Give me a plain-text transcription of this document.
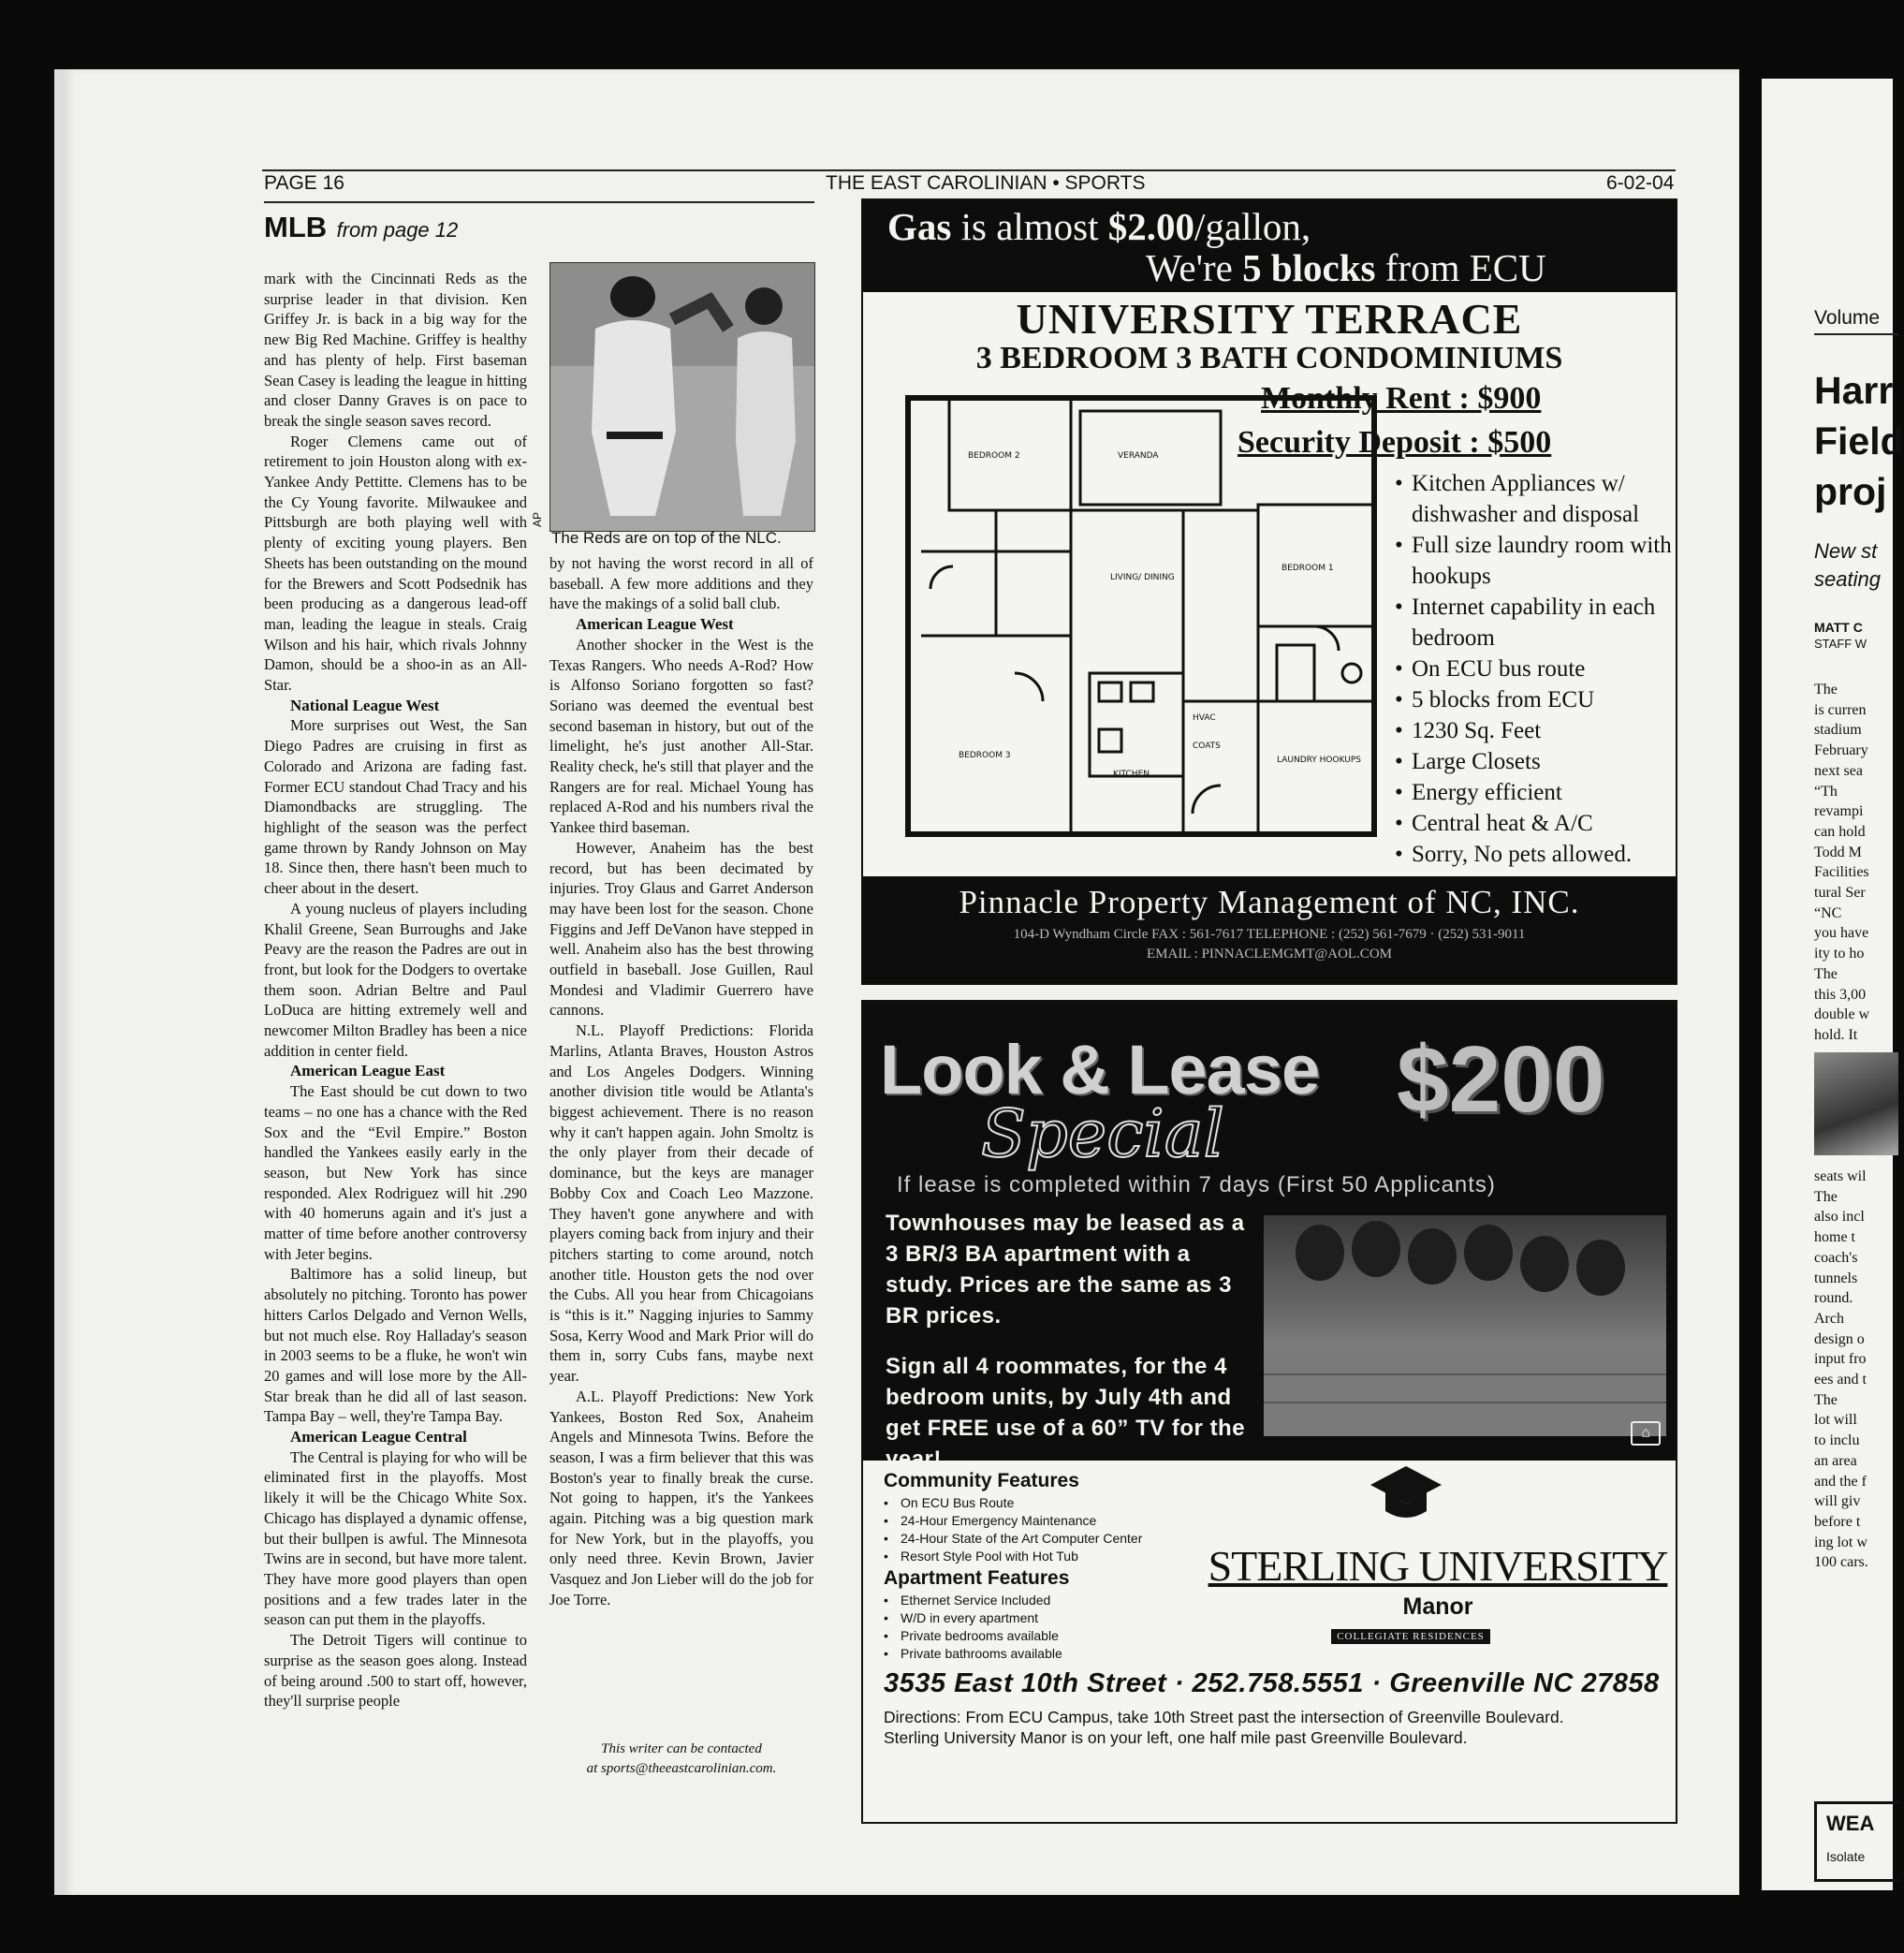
PAGE 16	THE EAST CAROLINIAN • SPORTS	6-02-04
MLB from page 12

mark with the Cincinnati Reds as the surprise leader in that division. Ken Griffey Jr. is back in a big way for the new Big Red Machine. Griffey is healthy and has plenty of help. First baseman Sean Casey is leading the league in hitting and closer Danny Graves is on pace to break the single season saves record.

Roger Clemens came out of retirement to join Houston along with ex-Yankee Andy Pettitte. Clemens has to be the Cy Young favorite. Milwaukee and Pittsburgh are both playing well with plenty of exciting young players. Ben Sheets has been outstanding on the mound for the Brewers and Scott Podsednik has been producing as a dangerous lead-off man, leading the league in steals. Craig Wilson and his hair, which rivals Johnny Damon, should be a shoo-in as an All-Star.

National League West

More surprises out West, the San Diego Padres are cruising in first as Colorado and Arizona are fading fast. Former ECU standout Chad Tracy and his Diamondbacks are struggling. The highlight of the season was the perfect game thrown by Randy Johnson on May 18. Since then, there hasn't been much to cheer about in the desert.

A young nucleus of players including Khalil Greene, Sean Burroughs and Jake Peavy are the reason the Padres are out in front, but look for the Dodgers to overtake them soon. Adrian Beltre and Paul LoDuca are hitting extremely well and newcomer Milton Bradley has been a nice addition in center field.

American League East

The East should be cut down to two teams – no one has a chance with the Red Sox and the “Evil Empire.” Boston handled the Yankees easily early in the season, but New York has since responded. Alex Rodriguez will hit .290 with 40 homeruns again and it's just a matter of time before another controversy with Jeter begins.

Baltimore has a solid lineup, but absolutely no pitching. Toronto has power hitters Carlos Delgado and Vernon Wells, but not much else. Roy Halladay's season in 2003 seems to be a fluke, he won't win 20 games and will lose more by the All-Star break than he did all of last season. Tampa Bay – well, they're Tampa Bay.

American League Central

The Central is playing for who will be eliminated first in the playoffs. Most likely it will be the Chicago White Sox. Chicago has displayed a dynamic offense, but their bullpen is awful. The Minnesota Twins are in second, but have more talent. They have more good players than open positions and a few trades later in the season can put them in the playoffs.

The Detroit Tigers will continue to surprise as the season goes along. Instead of being around .500 to start off, however, they'll surprise people

AP
The Reds are on top of the NLC.

by not having the worst record in all of baseball. A few more additions and they have the makings of a solid ball club.

American League West

Another shocker in the West is the Texas Rangers. Who needs A-Rod? How is Alfonso Soriano forgotten so fast? Soriano was deemed the eventual best second baseman in history, but out of the limelight, he's just another All-Star. Reality check, he's still that player and the Rangers are for real. Michael Young has replaced A-Rod and his numbers rival the Yankee third baseman.

However, Anaheim has the best record, but has been decimated by injuries. Troy Glaus and Garret Anderson may have been lost for the season. Chone Figgins and Jeff DeVanon have stepped in well. Anaheim also has the best throwing outfield in baseball. Jose Guillen, Raul Mondesi and Vladimir Guerrero have cannons.

N.L. Playoff Predictions: Florida Marlins, Atlanta Braves, Houston Astros and Los Angeles Dodgers. Winning another division title would be Atlanta's biggest achievement. There is no reason why it can't happen again. John Smoltz is the only player from their decade of dominance, but the keys are manager Bobby Cox and Coach Leo Mazzone. They haven't gone anywhere and with players coming back from injury and their pitchers starting to come around, notch another title. Houston gets the nod over the Cubs. All you hear from Chicagoians is “this is it.” Nagging injuries to Sammy Sosa, Kerry Wood and Mark Prior will do them in, sorry Cubs fans, maybe next year.

A.L. Playoff Predictions: New York Yankees, Boston Red Sox, Anaheim Angels and Minnesota Twins. Before the season, I was a firm believer that this was Boston's year to finally break the curse. Not going to happen, it's the Yankees again. Pitching was a big question mark for New York, but in the playoffs, you only need three. Kevin Brown, Javier Vasquez and Jon Lieber will do the job for Joe Torre.

This writer can be contacted
at sports@theeastcarolinian.com.
Gas is almost $2.00/gallon,
We're 5 blocks from ECU
UNIVERSITY TERRACE
3 BEDROOM 3 BATH CONDOMINIUMS
Monthly Rent : $900
Security Deposit : $500
BEDROOM 2	VERANDA
LIVING/ DINING
BEDROOM 1
BEDROOM 3
KITCHEN
HVAC
COATS
LAUNDRY HOOKUPS
• Kitchen Appliances w/ dishwasher and disposal
• Full size laundry room with hookups
• Internet capability in each bedroom
• On ECU bus route
• 5 blocks from ECU
• 1230 Sq. Feet
• Large Closets
• Energy efficient
• Central heat & A/C
• Sorry, No pets allowed.
Pinnacle Property Management of NC, INC.
104-D Wyndham Circle FAX : 561-7617 TELEPHONE : (252) 561-7679 · (252) 531-9011
EMAIL : PINNACLEMGMT@AOL.COM
Look & Lease
Special
$200
If lease is completed within 7 days (First 50 Applicants)
Townhouses may be leased as a 3 BR/3 BA apartment with a study. Prices are the same as 3 BR prices.
Sign all 4 roommates, for the 4 bedroom units, by July 4th and get FREE use of a 60” TV for the year!
⌂
Community Features
• On ECU Bus Route
• 24-Hour Emergency Maintenance
• 24-Hour State of the Art Computer Center
• Resort Style Pool with Hot Tub
Apartment Features
• Ethernet Service Included
• W/D in every apartment
• Private bedrooms available
• Private bathrooms available
STERLING UNIVERSITY
Manor
COLLEGIATE RESIDENCES
3535 East 10th Street · 252.758.5551 · Greenville NC 27858
Directions: From ECU Campus, take 10th Street past the intersection of Greenville Boulevard.
Sterling University Manor is on your left, one half mile past Greenville Boulevard.
Volume
Harr
Field
proj
New st
seating
MATT C
STAFF W
The
is curren
stadium
February
next sea
“Th
revampi
can hold
Todd M
Facilities
tural Ser
“NC
you have
ity to ho
The
this 3,00
double w
hold. It
seats wil
The
also incl
home t
coach's
tunnels
round.
Arch
design o
input fro
ees and t
The
lot will
to inclu
an area
and the f
will giv
before t
ing lot w
100 cars.
WEA
Isolate
